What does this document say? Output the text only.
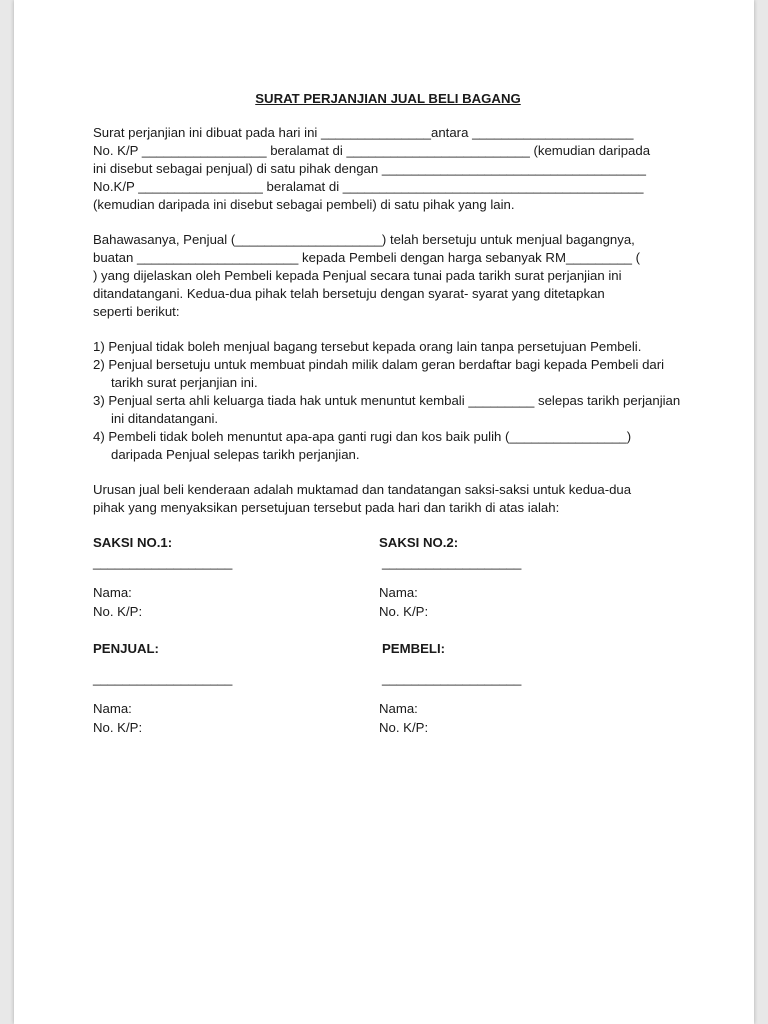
SURAT PERJANJIAN JUAL BELI BAGANG
Surat perjanjian ini dibuat pada hari ini _______________antara ______________________
No. K/P _________________ beralamat di _________________________ (kemudian daripada
ini disebut sebagai penjual) di satu pihak dengan ____________________________________
No.K/P _________________ beralamat di _________________________________________
(kemudian daripada ini disebut sebagai pembeli) di satu pihak yang lain.
Bahawasanya, Penjual (____________________) telah bersetuju untuk menjual bagangnya,
buatan ______________________ kepada Pembeli dengan harga sebanyak RM_________ (
) yang dijelaskan oleh Pembeli kepada Penjual secara tunai pada tarikh surat perjanjian ini
ditandatangani. Kedua-dua pihak telah bersetuju dengan syarat- syarat yang ditetapkan
seperti berikut:
1) Penjual tidak boleh menjual bagang tersebut kepada orang lain tanpa persetujuan Pembeli.
2) Penjual bersetuju untuk membuat pindah milik dalam geran berdaftar bagi kepada Pembeli dari tarikh surat perjanjian ini.
3) Penjual serta ahli keluarga tiada hak untuk menuntut kembali _________ selepas tarikh perjanjian ini ditandatangani.
4) Pembeli tidak boleh menuntut apa-apa ganti rugi dan kos baik pulih (________________) daripada Penjual selepas tarikh perjanjian.
Urusan jual beli kenderaan adalah muktamad dan tandatangan saksi-saksi untuk kedua-dua
pihak yang menyaksikan persetujuan tersebut pada hari dan tarikh di atas ialah:
SAKSI NO.1:
___________________
Nama:
No. K/P:
SAKSI NO.2:
___________________
Nama:
No. K/P:
PENJUAL:
___________________
Nama:
No. K/P:
PEMBELI:
___________________
Nama:
No. K/P:
